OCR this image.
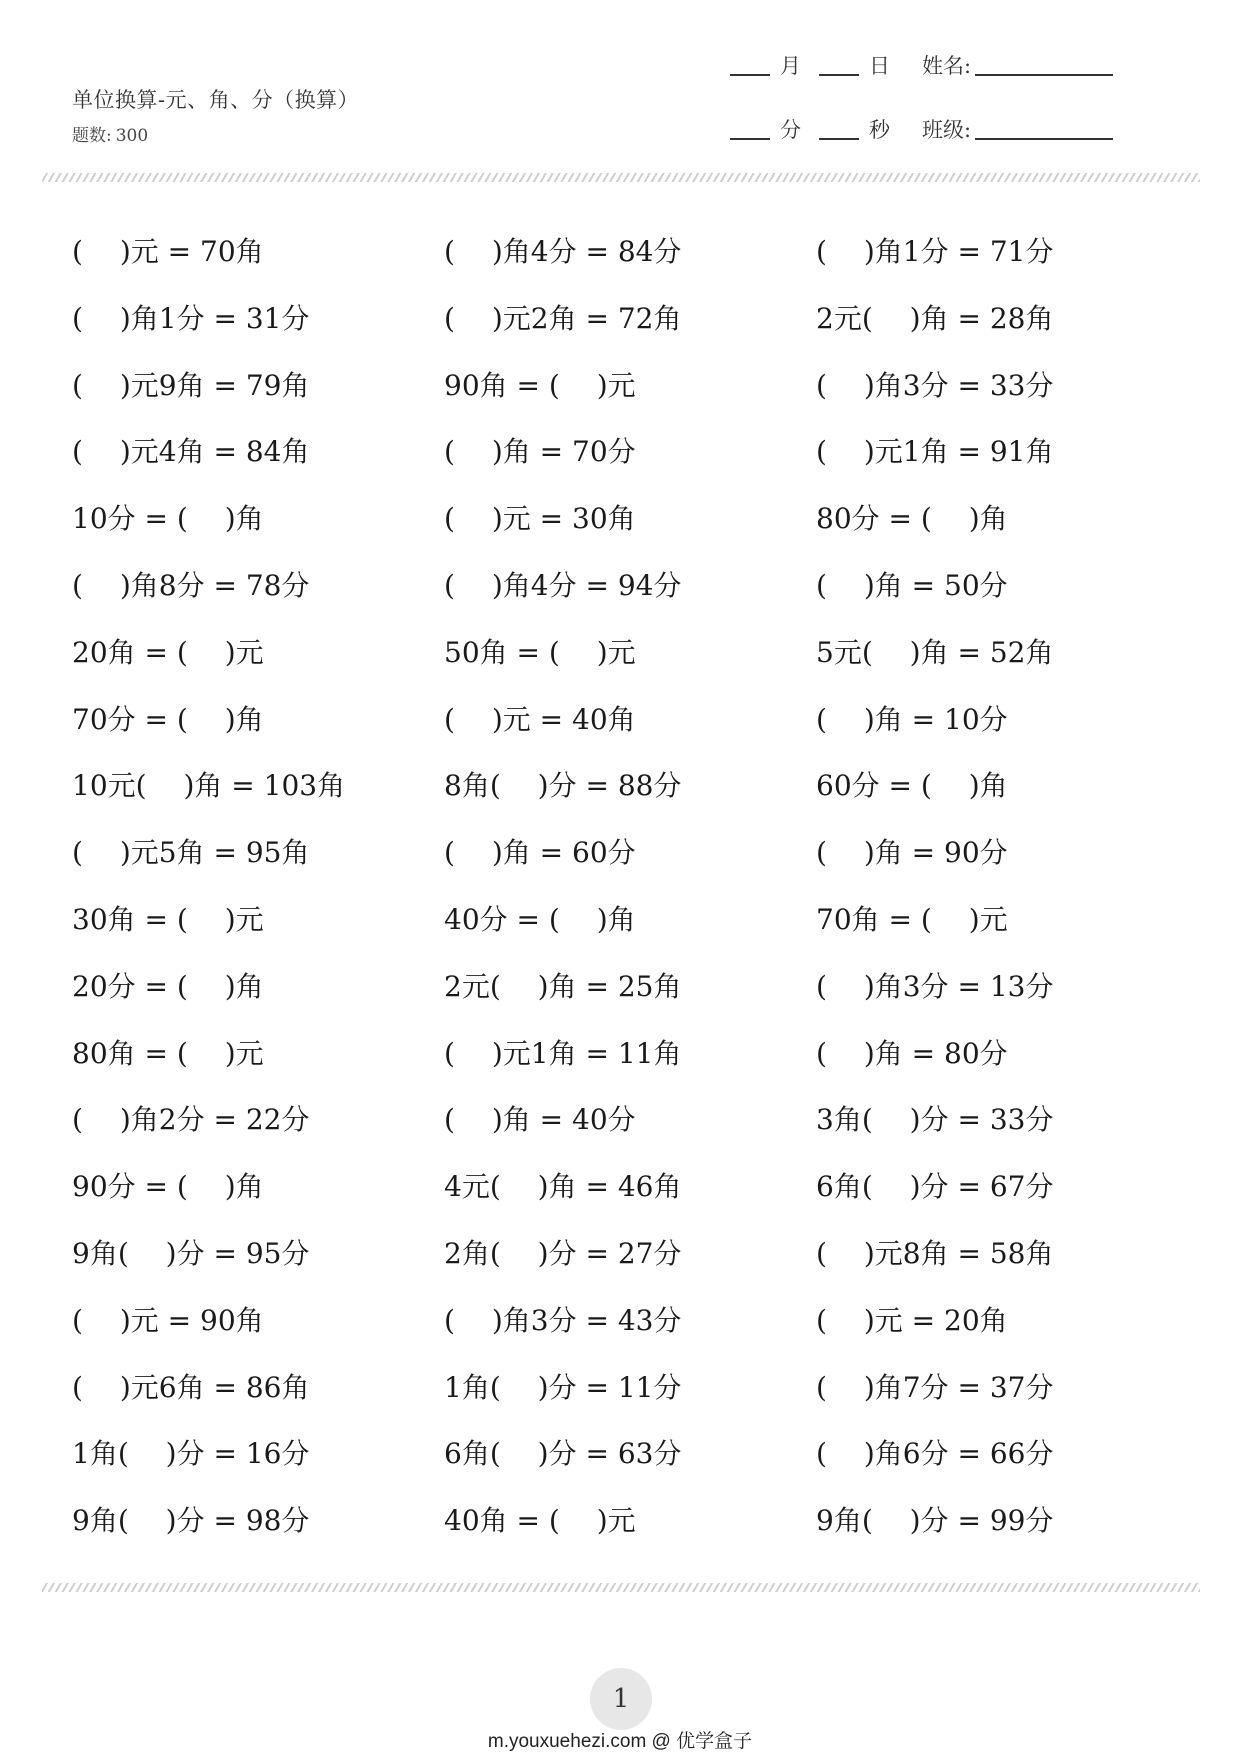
单位换算-元、角、分（换算）
题数: 300
月	日 姓名:
分	秒 班级:
(　 )元 = 70角	(　 )角4分 = 84分	(　 )角1分 = 71分
(　 )角1分 = 31分	(　 )元2角 = 72角	2元(　 )角 = 28角
(　 )元9角 = 79角	90角 = (　 )元	(　 )角3分 = 33分
(　 )元4角 = 84角	(　 )角 = 70分	(　 )元1角 = 91角
10分 = (　 )角	(　 )元 = 30角	80分 = (　 )角
(　 )角8分 = 78分	(　 )角4分 = 94分	(　 )角 = 50分
20角 = (　 )元	50角 = (　 )元	5元(　 )角 = 52角
70分 = (　 )角	(　 )元 = 40角	(　 )角 = 10分
10元(　 )角 = 103角	8角(　 )分 = 88分	60分 = (　 )角
(　 )元5角 = 95角	(　 )角 = 60分	(　 )角 = 90分
30角 = (　 )元	40分 = (　 )角	70角 = (　 )元
20分 = (　 )角	2元(　 )角 = 25角	(　 )角3分 = 13分
80角 = (　 )元	(　 )元1角 = 11角	(　 )角 = 80分
(　 )角2分 = 22分	(　 )角 = 40分	3角(　 )分 = 33分
90分 = (　 )角	4元(　 )角 = 46角	6角(　 )分 = 67分
9角(　 )分 = 95分	2角(　 )分 = 27分	(　 )元8角 = 58角
(　 )元 = 90角	(　 )角3分 = 43分	(　 )元 = 20角
(　 )元6角 = 86角	1角(　 )分 = 11分	(　 )角7分 = 37分
1角(　 )分 = 16分	6角(　 )分 = 63分	(　 )角6分 = 66分
9角(　 )分 = 98分	40角 = (　 )元	9角(　 )分 = 99分
1
m.youxuehezi.com @ 优学盒子
